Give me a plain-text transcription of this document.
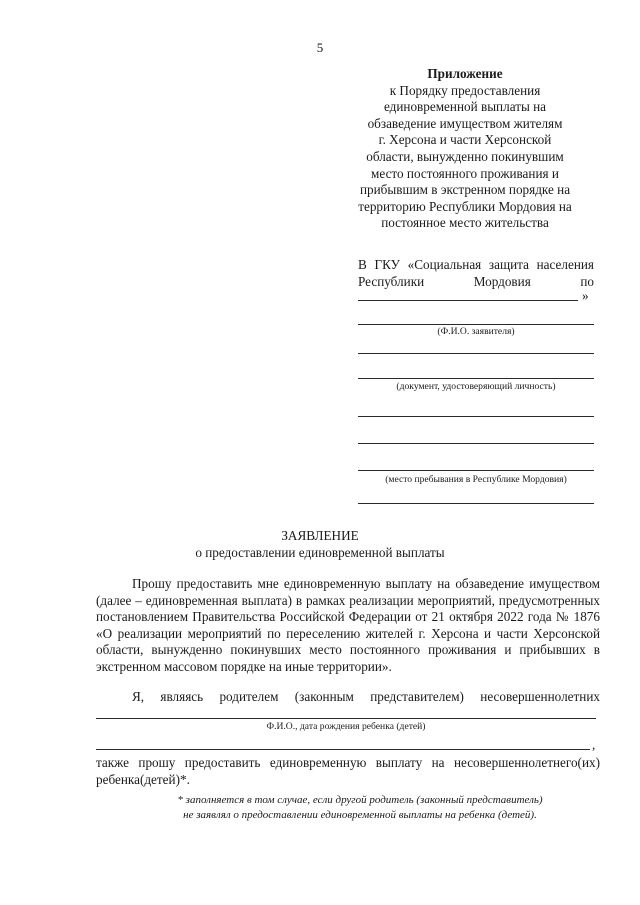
5
Приложение
к Порядку предоставления
единовременной выплаты на
обзаведение имуществом жителям
г. Херсона и части Херсонской
области, вынужденно покинувшим
место постоянного проживания и
прибывшим в экстренном порядке на
территорию Республики Мордовия на
постоянное место жительства
В ГКУ «Социальная защита населения
Республики Мордовия по
»
(Ф.И.О. заявителя)
(документ, удостоверяющий личность)
(место пребывания в Республике Мордовия)
ЗАЯВЛЕНИЕ
о предоставлении единовременной выплаты
Прошу предоставить мне единовременную выплату на обзаведение имуществом (далее – единовременная выплата) в рамках реализации мероприятий, предусмотренных постановлением Правительства Российской Федерации от 21 октября 2022 года № 1876 «О реализации мероприятий по переселению жителей г. Херсона и части Херсонской области, вынужденно покинувших место постоянного проживания и прибывших в экстренном массовом порядке на иные территории».
Я, являясь родителем (законным представителем) несовершеннолетних
Ф.И.О., дата рождения ребенка (детей)
,
также прошу предоставить единовременную выплату на несовершеннолетнего(их) ребенка(детей)*.
* заполняется в том случае, если другой родитель (законный представитель)
не заявлял о предоставлении единовременной выплаты на ребенка (детей).
